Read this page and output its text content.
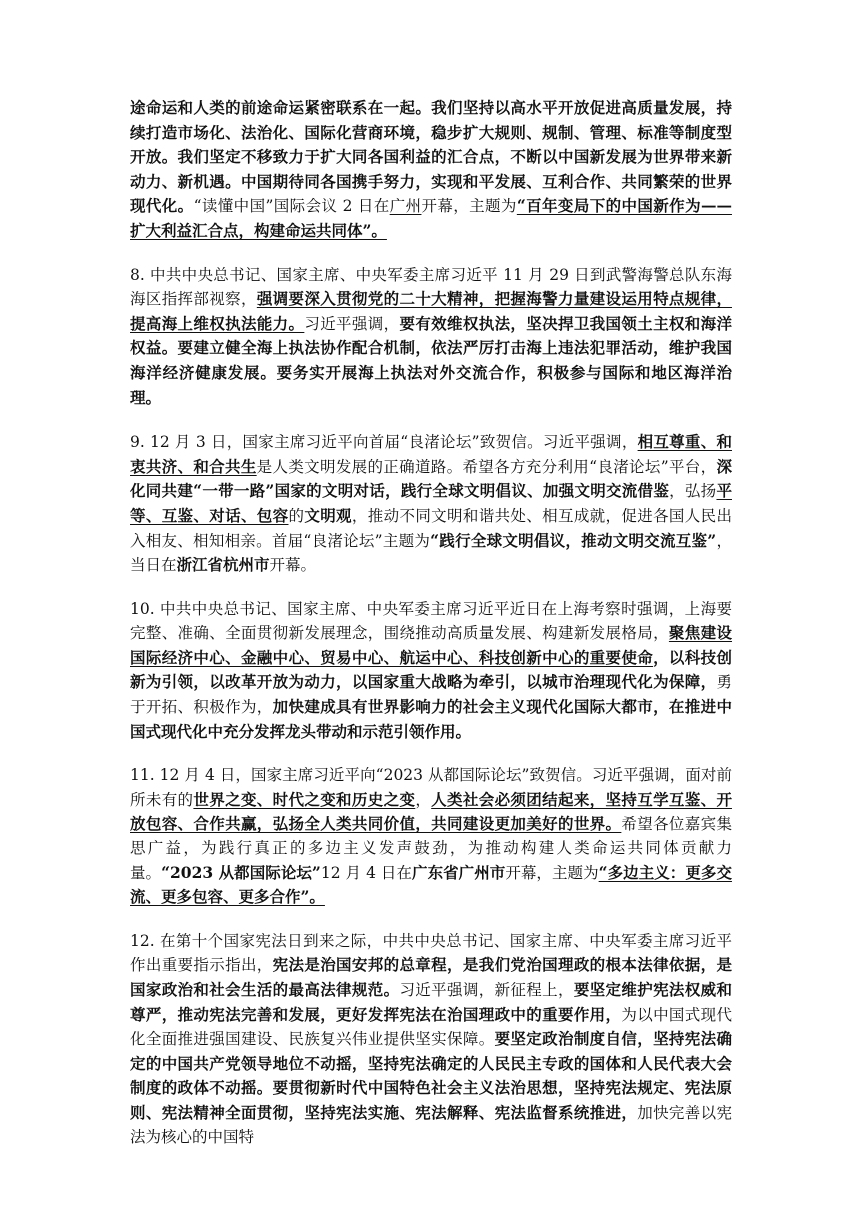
途命运和人类的前途命运紧密联系在一起。我们坚持以高水平开放促进高质量发展，持续打造市场化、法治化、国际化营商环境，稳步扩大规则、规制、管理、标准等制度型开放。我们坚定不移致力于扩大同各国利益的汇合点，不断以中国新发展为世界带来新动力、新机遇。中国期待同各国携手努力，实现和平发展、互利合作、共同繁荣的世界现代化。“读懂中国”国际会议 2 日在广州开幕，主题为“百年变局下的中国新作为——扩大利益汇合点，构建命运共同体”。

8. 中共中央总书记、国家主席、中央军委主席习近平 11 月 29 日到武警海警总队东海海区指挥部视察，强调要深入贯彻党的二十大精神，把握海警力量建设运用特点规律，提高海上维权执法能力。习近平强调，要有效维权执法，坚决捍卫我国领土主权和海洋权益。要建立健全海上执法协作配合机制，依法严厉打击海上违法犯罪活动，维护我国海洋经济健康发展。要务实开展海上执法对外交流合作，积极参与国际和地区海洋治理。

9. 12 月 3 日，国家主席习近平向首届“良渚论坛”致贺信。习近平强调，相互尊重、和衷共济、和合共生是人类文明发展的正确道路。希望各方充分利用“良渚论坛”平台，深化同共建“一带一路”国家的文明对话，践行全球文明倡议、加强文明交流借鉴，弘扬平等、互鉴、对话、包容的文明观，推动不同文明和谐共处、相互成就，促进各国人民出入相友、相知相亲。首届“良渚论坛”主题为“践行全球文明倡议，推动文明交流互鉴”，当日在浙江省杭州市开幕。

10. 中共中央总书记、国家主席、中央军委主席习近平近日在上海考察时强调，上海要完整、准确、全面贯彻新发展理念，围绕推动高质量发展、构建新发展格局，聚焦建设国际经济中心、金融中心、贸易中心、航运中心、科技创新中心的重要使命，以科技创新为引领，以改革开放为动力，以国家重大战略为牵引，以城市治理现代化为保障，勇于开拓、积极作为，加快建成具有世界影响力的社会主义现代化国际大都市，在推进中国式现代化中充分发挥龙头带动和示范引领作用。

11. 12 月 4 日，国家主席习近平向“2023 从都国际论坛”致贺信。习近平强调，面对前所未有的世界之变、时代之变和历史之变，人类社会必须团结起来，坚持互学互鉴、开放包容、合作共赢，弘扬全人类共同价值，共同建设更加美好的世界。希望各位嘉宾集思广益，为践行真正的多边主义发声鼓劲，为推动构建人类命运共同体贡献力量。“2023 从都国际论坛”12 月 4 日在广东省广州市开幕，主题为“多边主义：更多交流、更多包容、更多合作”。

12. 在第十个国家宪法日到来之际，中共中央总书记、国家主席、中央军委主席习近平作出重要指示指出，宪法是治国安邦的总章程，是我们党治国理政的根本法律依据，是国家政治和社会生活的最高法律规范。习近平强调，新征程上，要坚定维护宪法权威和尊严，推动宪法完善和发展，更好发挥宪法在治国理政中的重要作用，为以中国式现代化全面推进强国建设、民族复兴伟业提供坚实保障。要坚定政治制度自信，坚持宪法确定的中国共产党领导地位不动摇，坚持宪法确定的人民民主专政的国体和人民代表大会制度的政体不动摇。要贯彻新时代中国特色社会主义法治思想，坚持宪法规定、宪法原则、宪法精神全面贯彻，坚持宪法实施、宪法解释、宪法监督系统推进，加快完善以宪法为核心的中国特
